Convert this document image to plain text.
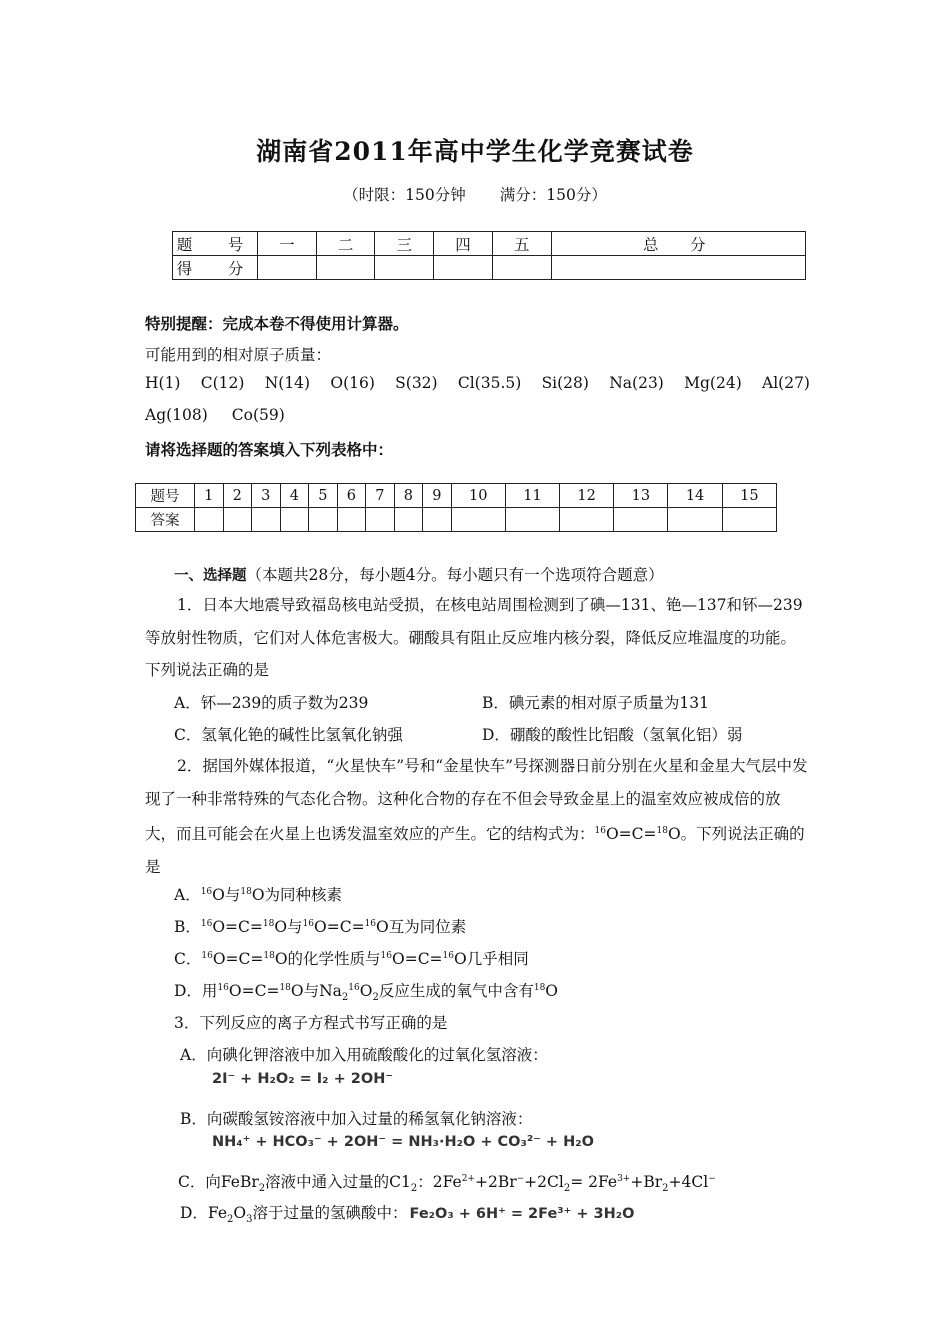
湖南省2011年高中学生化学竞赛试卷
（时限：150分钟 满分：150分）
题　号	一	二	三	四	五	总　分
得　分						
特别提醒：完成本卷不得使用计算器。
可能用到的相对原子质量：
H(1) C(12) N(14) O(16) S(32) Cl(35.5) Si(28) Na(23) Mg(24) Al(27)
Ag(108) Co(59)
请将选择题的答案填入下列表格中：
题号	1	2	3	4	5	6	7	8	9	10	11	12	13	14	15
答案															
一、选择题（本题共28分，每小题4分。每小题只有一个选项符合题意）
1．日本大地震导致福岛核电站受损，在核电站周围检测到了碘—131、铯—137和钚—239等放射性物质，它们对人体危害极大。硼酸具有阻止反应堆内核分裂，降低反应堆温度的功能。下列说法正确的是
A．钚—239的质子数为239	B．碘元素的相对原子质量为131
C．氢氧化铯的碱性比氢氧化钠强	D．硼酸的酸性比铝酸（氢氧化铝）弱
2．据国外媒体报道，“火星快车”号和“金星快车”号探测器日前分别在火星和金星大气层中发现了一种非常特殊的气态化合物。这种化合物的存在不但会导致金星上的温室效应被成倍的放大，而且可能会在火星上也诱发温室效应的产生。它的结构式为：$^{16}$O=C=$^{18}$O。下列说法正确的是
A．$^{16}$O与$^{18}$O为同种核素
B．$^{16}$O=C=$^{18}$O与$^{16}$O=C=$^{16}$O互为同位素
C．$^{16}$O=C=$^{18}$O的化学性质与$^{16}$O=C=$^{16}$O几乎相同
D．用$^{16}$O=C=$^{18}$O与$Na_2^{16}O_2$反应生成的氧气中含有$^{18}$O
3．下列反应的离子方程式书写正确的是
A．向碘化钾溶液中加入用硫酸酸化的过氧化氢溶液：
2I⁻ + H₂O₂ = I₂ + 2OH⁻
B．向碳酸氢铵溶液中加入过量的稀氢氧化钠溶液：
NH₄⁺ + HCO₃⁻ + 2OH⁻ = NH₃·H₂O + CO₃²⁻ + H₂O
C．向FeBr$_2$溶液中通入过量的$C1_2$：$2Fe^{2+}+2Br^-+2Cl_2= 2Fe^{3+}+Br_2+4Cl^-$
D．$Fe_2O_3$溶于过量的氢碘酸中： Fe₂O₃ + 6H⁺ = 2Fe³⁺ + 3H₂O
